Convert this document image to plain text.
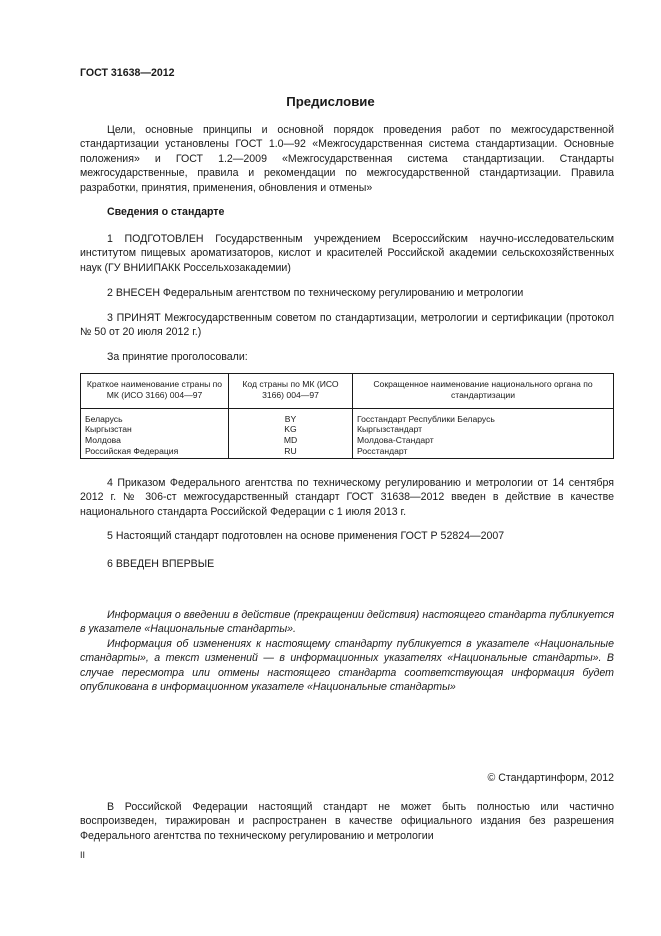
ГОСТ 31638—2012
Предисловие
Цели, основные принципы и основной порядок проведения работ по межгосударственной стандартизации установлены ГОСТ 1.0—92 «Межгосударственная система стандартизации. Основные положения» и ГОСТ 1.2—2009 «Межгосударственная система стандартизации. Стандарты межгосударственные, правила и рекомендации по межгосударственной стандартизации. Правила разработки, принятия, применения, обновления и отмены»
Сведения о стандарте
1 ПОДГОТОВЛЕН Государственным учреждением Всероссийским научно-исследовательским институтом пищевых ароматизаторов, кислот и красителей Российской академии сельскохозяйственных наук (ГУ ВНИИПАКК Россельхозакадемии)
2 ВНЕСЕН Федеральным агентством по техническому регулированию и метрологии
3 ПРИНЯТ Межгосударственным советом по стандартизации, метрологии и сертификации (протокол № 50 от 20 июля 2012 г.)
За принятие проголосовали:
Краткое наименование страны по МК (ИСО 3166) 004—97	Код страны по МК (ИСО 3166) 004—97	Сокращенное наименование национального органа по стандартизации
Беларусь	BY	Госстандарт Республики Беларусь
Кыргызстан	KG	Кыргызстандарт
Молдова	MD	Молдова-Стандарт
Российская Федерация	RU	Росстандарт
4 Приказом Федерального агентства по техническому регулированию и метрологии от 14 сентября 2012 г. № 306-ст межгосударственный стандарт ГОСТ 31638—2012 введен в действие в качестве национального стандарта Российской Федерации с 1 июля 2013 г.
5 Настоящий стандарт подготовлен на основе применения ГОСТ Р 52824—2007
6 ВВЕДЕН ВПЕРВЫЕ
Информация о введении в действие (прекращении действия) настоящего стандарта публикуется в указателе «Национальные стандарты».
Информация об изменениях к настоящему стандарту публикуется в указателе «Национальные стандарты», а текст изменений — в информационных указателях «Национальные стандарты». В случае пересмотра или отмены настоящего стандарта соответствующая информация будет опубликована в информационном указателе «Национальные стандарты»
© Стандартинформ, 2012
В Российской Федерации настоящий стандарт не может быть полностью или частично воспроизведен, тиражирован и распространен в качестве официального издания без разрешения Федерального агентства по техническому регулированию и метрологии
II
